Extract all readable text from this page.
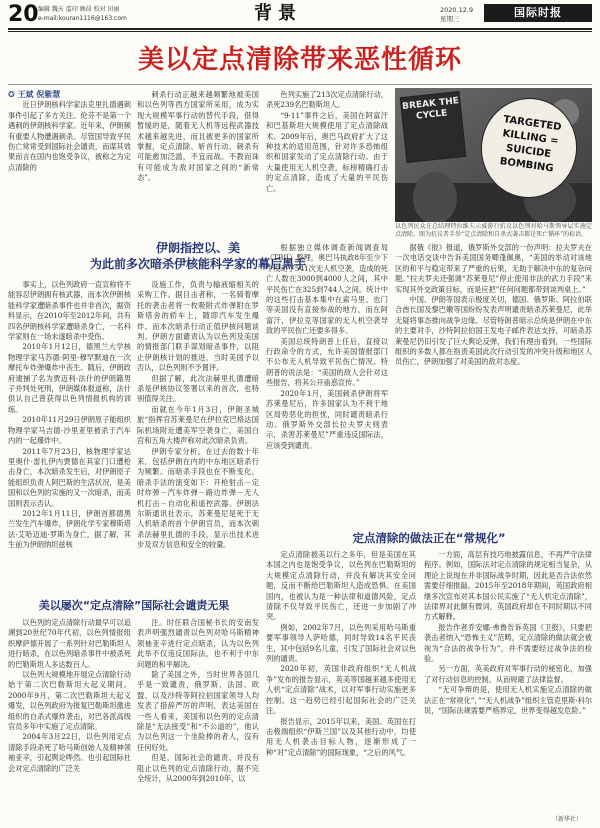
20 编辑 魏天 监印 顾昂 校对 田丽
e-mail:kouran1116@163.com	背景	2020.12.9
星期三	国际时报
美以定点清除带来恶性循环

✪ 王斌 倪紫慧

近日伊朗核科学家法克里扎德遇刺事件引起了多方关注。伦芬不是第一个遇刺的伊朗核科学家。近年来，伊朗频有重要人物遭遇刺杀。尽管国导致平民伤亡常常受到国际社会谴责，而谋其效果而言在国内也饱受争议，被称之为定点清除的

刺杀行动正越来越频繁地被美国和以色列等西方国家所采用，成为实现大规模军事行动的替代手段，借得暂缓的是，随着无人机等远程武器技术越来越先进，而且被更多的国家所掌握，定点清除、斩首行动、刺杀有可能愈加泛滥，不宜而战。不教而诛有可能成为敌对国家之间的“新常态”。

色列实施了213次定点清除行动，杀死239名巴勒斯坦人。

“9·11”事件之后，美国在阿富汗和巴基斯坦大规模使用了定点清除战术。2009年后，奥巴马政府扩大了这种技术的适用范围，针对许多恐怖组织和国家发动了定点清除行动。由于大量使用无人机空袭，标榜精确打击的定点清除，造成了大量的平民伤亡。

BREAK THE CYCLE	TARGETED KILLING = SUICIDE BOMBING
以色列民众在总结理特拉维夫示威游行抗议以色列对哈马斯领导层实施定点清除。图为抗议者手举“定点清除和自杀式袭击都是死亡循环”的标语。
伊朗指控以、美
为此前多次暗杀伊核能科学家的幕后黑手

事实上，以色列政府一直宣称将不能容忍伊朗拥有核武器，而本次伊朗核能科学家遭暗杀事件也并非首次，据资料显示，在2010年至2012年间，共有四名伊朗核科学家遭暗杀身亡，一名科学家则在一场未遂暗杀中受伤。

2010年1月12日，德黑兰大学核物理学家马苏德·阿里·穆罕默迪在一次摩托车炸弹爆炸中丧生。随后，伊朗政府逮捕了名为贾迈利·法什的伊朗籍男子并判处死刑，伊朗媒体报道称，法什供认自己曾获得以色列情报机构的训练。

2010年11月29日伊朗原子能组织物理学家马吉德·沙里亚里被杀于汽车内的一起爆炸中。

2011年7月23日，核物理学家达里奥什·雷扎伊内贾德在其家门口遭枪击身亡，本次暗杀发生后，对伊朗原子能组织负责人阿巴斯的生活状况，是美国和以色列的实施的又一次暗杀，而美国则表示否认。

2012年1月11日，伊朗首都德黑兰发生汽车爆炸，伊朗化学专家穆斯塔法·艾哈迈迪·罗斯为身亡，据了解，其生前为伊朗纳坦兹核

设施工作，负责与输液缩相关的采购工作。据目击者称，一名骑着摩托的袭击者将一枚吸附式炸弹附在罗斯塔舍的轿车上，随即汽车发生爆炸。而本次暗杀行动正值伊核问题谈判。伊朗方面谴责认为以色列及美国的情报部门联手谋划暗杀事件，以阻止伊朗核计划的推进，当时美国予以否认，以色列则不予置评。

但据了解，此次法赫里扎德遭暗杀是伊核协议签署以来的首次，也特别值得关注。

而就在今年1月3日，伊朗圣城旅“指挥官苏莱曼尼在伊拉克巴格达国际机场附近遭美军空袭身亡，美国白宫和五角大楼声称对此次暗杀负责。

伊朗专家分析，在过去的数十年来，包括伊朗在内的中东地区暗杀行为频繁。而暗杀手段也在不断变化，暗杀手法的演变如下：开枪射击－定时炸弹－汽车炸弹－路边炸弹－无人机打击－自动化和遥控武器。伊朗法尔斯通讯社表示，苏莱曼尼是死于无人机暗杀的首个伊朗官员，而本次刺杀法赫里扎德的手段，显示出技术进步及双方信息和安全的较量。

根据独立媒体调查新闻调查局（TBIJ）整理，奥巴马执政8年至少下令发动了541次无人机空袭，造成的死亡人数在3000到4000人之间，其中平民伤亡在325到744人之间。统计中的这些打击基本集中在索马里、也门等美国没有直接参战的地方，而在阿富汗，伊拉克等国家的无人机空袭导致的平民伤亡还要多得多。

美国总统特朗普上任后，直接以行政命令的方式，允许美国情报部门不公布无人机导致平民伤亡情况。特朗普的说法是：“美国的敌人会针对这些报告，将其公开蛊惑宣传。”

2020年1月，美国刺杀伊朗将军苏莱曼尼后，许多国家认为不利于地区局势恶化的担忧，同时谴责暗杀行动。俄罗斯外交部长拉夫罗夫则表示，杀害苏莱曼尼”严重违反国际法，应该受到谴责。

据俄《报》报道，俄罗斯外交部的一份声明：拉夫罗夫在一次电话交谈中告诉美国国务卿蓬佩奥，“美国的举动对该地区的和平与稳定带来了严重的后果，无助于解决中东的复杂问题。”拉夫罗夫还强调“苏莱曼尼”停止使用非法的武力手段”来实现其外交政策目标，而是应把”任何问题都带到谈判桌上。”

中国、伊朗等国表示极度关切，德国、俄罗斯、阿拉伯联合酋长国及黎巴嫩等国纷纷发表声明谴责暗杀苏莱曼尼，此举无疑将事态推向战争边缘。尽管特朗普暗示总统是伊朗在中东的主要对手，沙特阿拉伯国王发电子邮件表达支持，可暗杀苏莱曼尼仍旧引发了巨大舆论反弹，我们有理由看到，一些国际组织的多数人都在指责美国此次行动引发的冲突升级和地区人员伤亡，伊朗加强了对美国的敌对态度。

美以屡次“定点清除”国际社会谴责无果

以色列的定点清除行动最早可以追溯到20世纪70年代初，以色列情报组织摩萨德开展了一系列针对巴勒斯坦人进行暗杀，在以色列暗杀事件中被杀死的巴勒斯坦人多达数百人。

以色列大规模地开展定点清除行动始于第二次巴勒斯坦大起义期间。2000年9月，第二次巴勒斯坦大起义爆发，以色列政府为报复巴勒斯坦激进组织的自杀式爆炸袭击，对巴各派高级官员多年中实施了定点清除。

2004年3月22日，以色列用定点清除手段杀死了哈马斯创始人及精神领袖亚辛，引起舆论哗然。也引起国际社会对定点清除的广泛关

注。时任联合国秘书长的安南发表声明强烈谴责以色列对哈马斯精神领袖亚辛进行定点暗杀，认为以色列此举不仅违反国际法，也不利于中东问题的和平解决。

除了美国之外，当时世界各国几乎是一致谴责，俄罗斯、法国、欧盟、以及沙特等阿拉伯国家领导人均发表了措辞严厉的声明，表达美国在一些人看来，美国和以色列的定点清除是“无法接受”和“不公道的”，他认为以色列这一个坐险棒的者人，沒有任何好处。

但是，国际社会的谴责、并没有阻止以色列的定点清除行动，据不完全统计，从2000年到2010年，以

定点清除的做法正在“常规化”

定点清除被美以行之多年，但是美国在其本国之内也是饱受争议，以色列在巴勒斯坦的大规模定点清除行动，并没有解决其安全问题，反而不断给巴勒斯坦人造成恐惧。在美国国内，也被认为是一种法律和道德风险，定点清除不仅导致平民伤亡，还进一步加剧了冲突。

例如，2002年7月，以色列采用哈马斯重要军事领导人萨哈德，同时导致14名平民丧生，其中包括9名儿童，引发了国际社会对以色列的谴责。

2020年初，英国非政府组织“无人机战争”发布的报告显示，英美等国越来越多使用无人机“定点清除”战术，以对军事行动实施更多控制。这一趋势已经引起国际社会的广泛关注。

报告显示，2015年以来，美国、英国在打击极端组织“伊斯兰国”以及其他行动中，均使用无人机袭击目标人物，逐渐形成了一种“对”定点清除”的国际现象，“之后的风气。

一方面，高层有技巧地披露信息，不再严守法律程序。例如，国际法对定点清除的规定相当复杂，从理论上说现在并非国际战争时期，因此是否合法依然需要仔细推敲。2015年至2018年期间，英国政府相继多次宣布对其本国公民实施了“无人机定点清除”，法律界对此颇有微词，英国政府却在不同时期以不同方式解释。

报告作者乔安娜·弗鲁告诉英国《卫报》，只要把袭击者纳入“恐怖主义”范畴，定点清除的做法就会被视为“合法的战争行为”，并不需要经过战争法的检验。

另一方面，英美政府对军事行动的秘密化，加强了对行动信息的控制，从而规避了法律监督。

“无可争辩的是，使用无人机实施定点清除的做法正在“常规化”，”“无人机战争”组织主管克里斯·科尔说，“国际法规需要严格界定，世界变得越发危险。”

（新华社）
